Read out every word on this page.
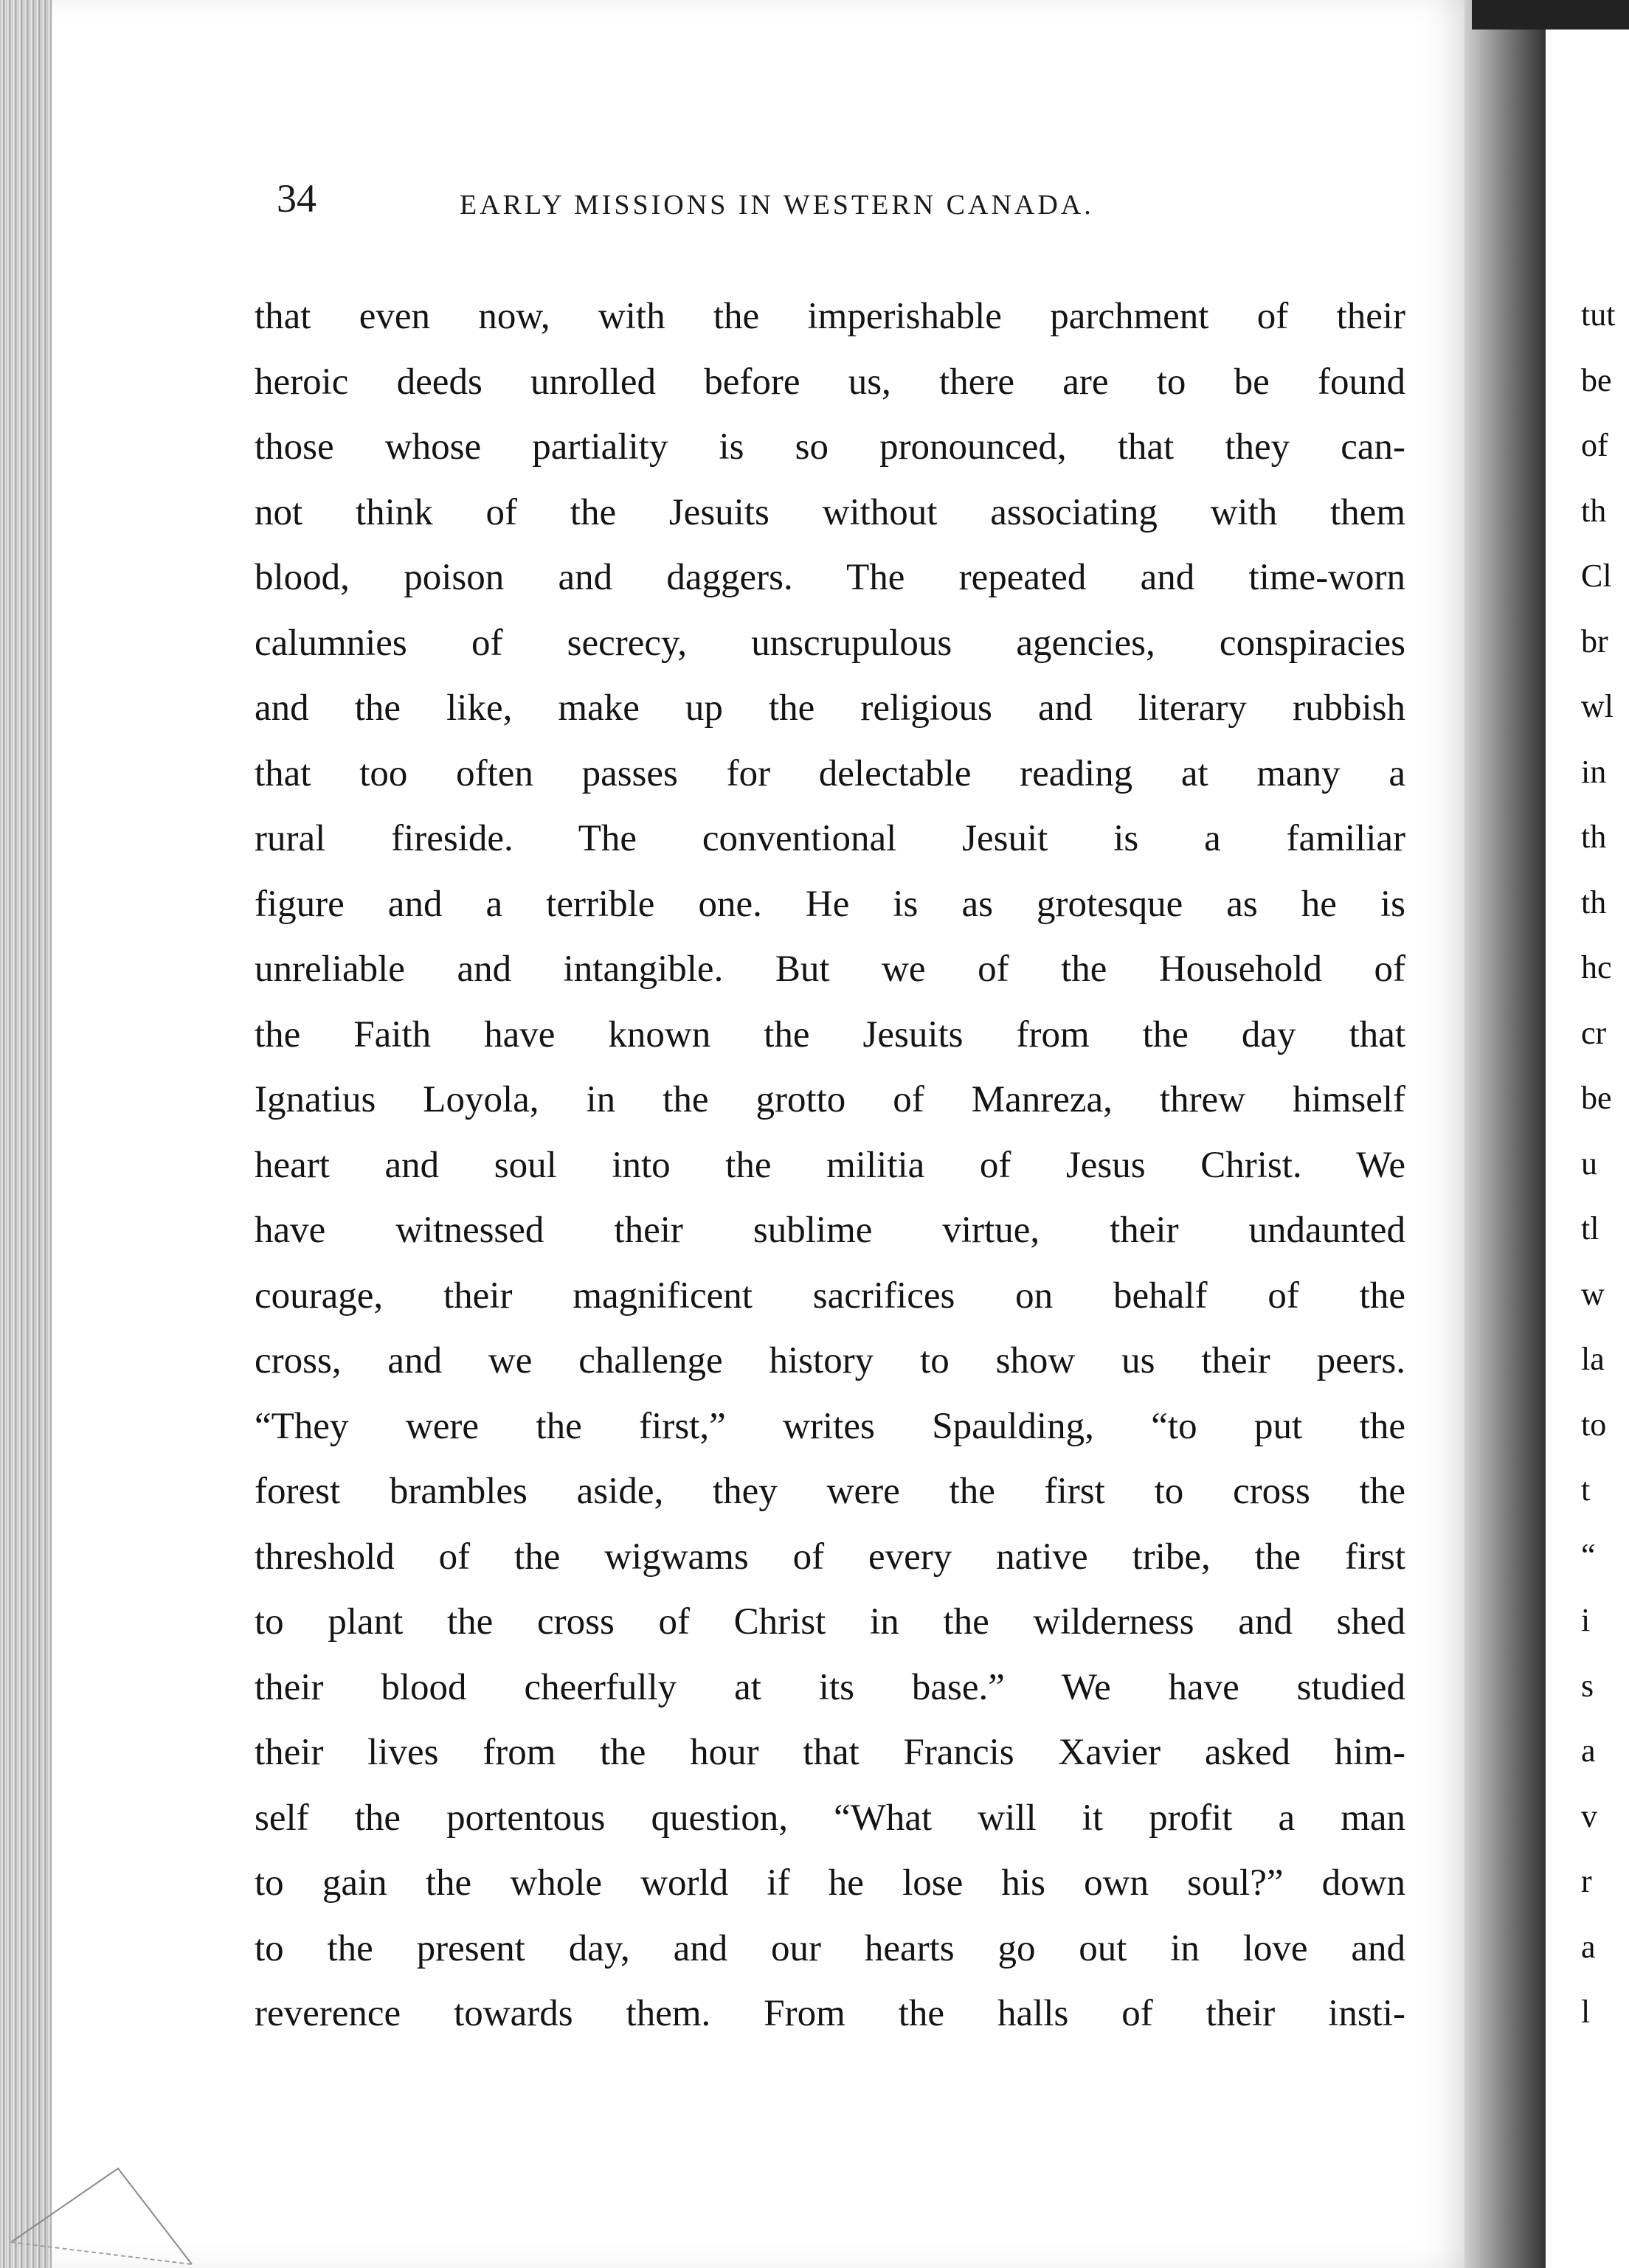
tut
be
of
th
Cl
br
wl
in
th
th
hc
cr
be
u
tl
w
la
to
t
“
i
s
a
v
r
a
l
34	EARLY MISSIONS IN WESTERN CANADA.
that even now, with the imperishable parchment of their
heroic deeds unrolled before us, there are to be found
those whose partiality is so pronounced, that they can-
not think of the Jesuits without associating with them
blood, poison and daggers. The repeated and time-worn
calumnies of secrecy, unscrupulous agencies, conspiracies
and the like, make up the religious and literary rubbish
that too often passes for delectable reading at many a
rural fireside. The conventional Jesuit is a familiar
figure and a terrible one. He is as grotesque as he is
unreliable and intangible. But we of the Household of
the Faith have known the Jesuits from the day that
Ignatius Loyola, in the grotto of Manreza, threw himself
heart and soul into the militia of Jesus Christ. We
have witnessed their sublime virtue, their undaunted
courage, their magnificent sacrifices on behalf of the
cross, and we challenge history to show us their peers.
“They were the first,” writes Spaulding, “to put the
forest brambles aside, they were the first to cross the
threshold of the wigwams of every native tribe, the first
to plant the cross of Christ in the wilderness and shed
their blood cheerfully at its base.” We have studied
their lives from the hour that Francis Xavier asked him-
self the portentous question, “What will it profit a man
to gain the whole world if he lose his own soul?” down
to the present day, and our hearts go out in love and
reverence towards them. From the halls of their insti-
